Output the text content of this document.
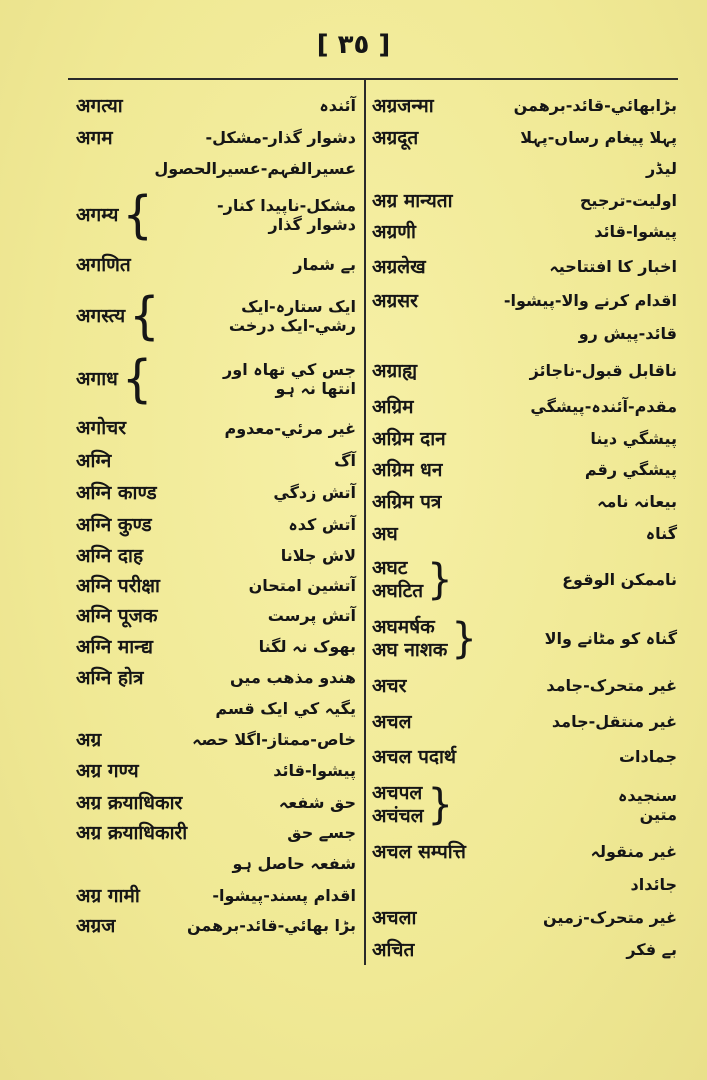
[ ٣٥ ]
अगत्या	آئندہ
अगम	دشوار گذار-مشکل-
عسیرالفہم-عسیرالحصول
अगम्य {	مشکل-ناپیدا کنار-
دشوار گذار
अगणित	بے شمار
अगस्त्य {	ایک ستارہ-ایک
رشي-ایک درخت
अगाध {	جس کي تھاہ اور
انتھا نہ ہو
अगोचर	غیر مرئي-معدوم
अग्नि	آگ
अग्नि काण्ड	آتش زدگي
अग्नि कुण्ड	آتش کدہ
अग्नि दाह	لاش جلانا
अग्नि परीक्षा	آتشین امتحان
अग्नि पूजक	آتش پرست
अग्नि मान्द्य	بھوک نہ لگنا
अग्नि होत्र	ھندو مذھب میں
یگیہ کي ایک قسم
अग्र	خاص-ممتاز-اگلا حصہ
अग्र गण्य	پیشوا-قائد
अग्र क्रयाधिकार	حق شفعہ
अग्र क्रयाधिकारी	جسے حق
شفعہ حاصل ہو
अग्र गामी	اقدام پسند-پیشوا-
अग्रज	بڑا بھائي-قائد-برھمن
अग्रजन्मा	بڑابھائي-قائد-برھمن
अग्रदूत	پہلا پیغام رساں-پہلا
لیڈر
अग्र मान्यता	اولیت-ترجیح
अग्रणी	پیشوا-قائد
अग्रलेख	اخبار کا افتتاحیہ
अग्रसर	اقدام کرنے والا-پیشوا-
قائد-پیش رو
अग्राह्य	ناقابل قبول-ناجائز
अग्रिम	مقدم-آئندہ-پیشگي
अग्रिम दान	پیشگي دینا
अग्रिम धन	پیشگي رقم
अग्रिम पत्र	بیعانہ نامہ
अघ	گناہ
अघट
अघटित }	ناممکن الوقوع
अघमर्षक
अघ नाशक }	گناہ کو مٹانے والا
अचर	غیر متحرک-جامد
अचल	غیر منتقل-جامد
अचल पदार्थ	جمادات
अचपल
अचंचल }	سنجیدہ
متین
अचल सम्पत्ति	غیر منقولہ
جائداد
अचला	غیر متحرک-زمین
अचित	بے فکر
